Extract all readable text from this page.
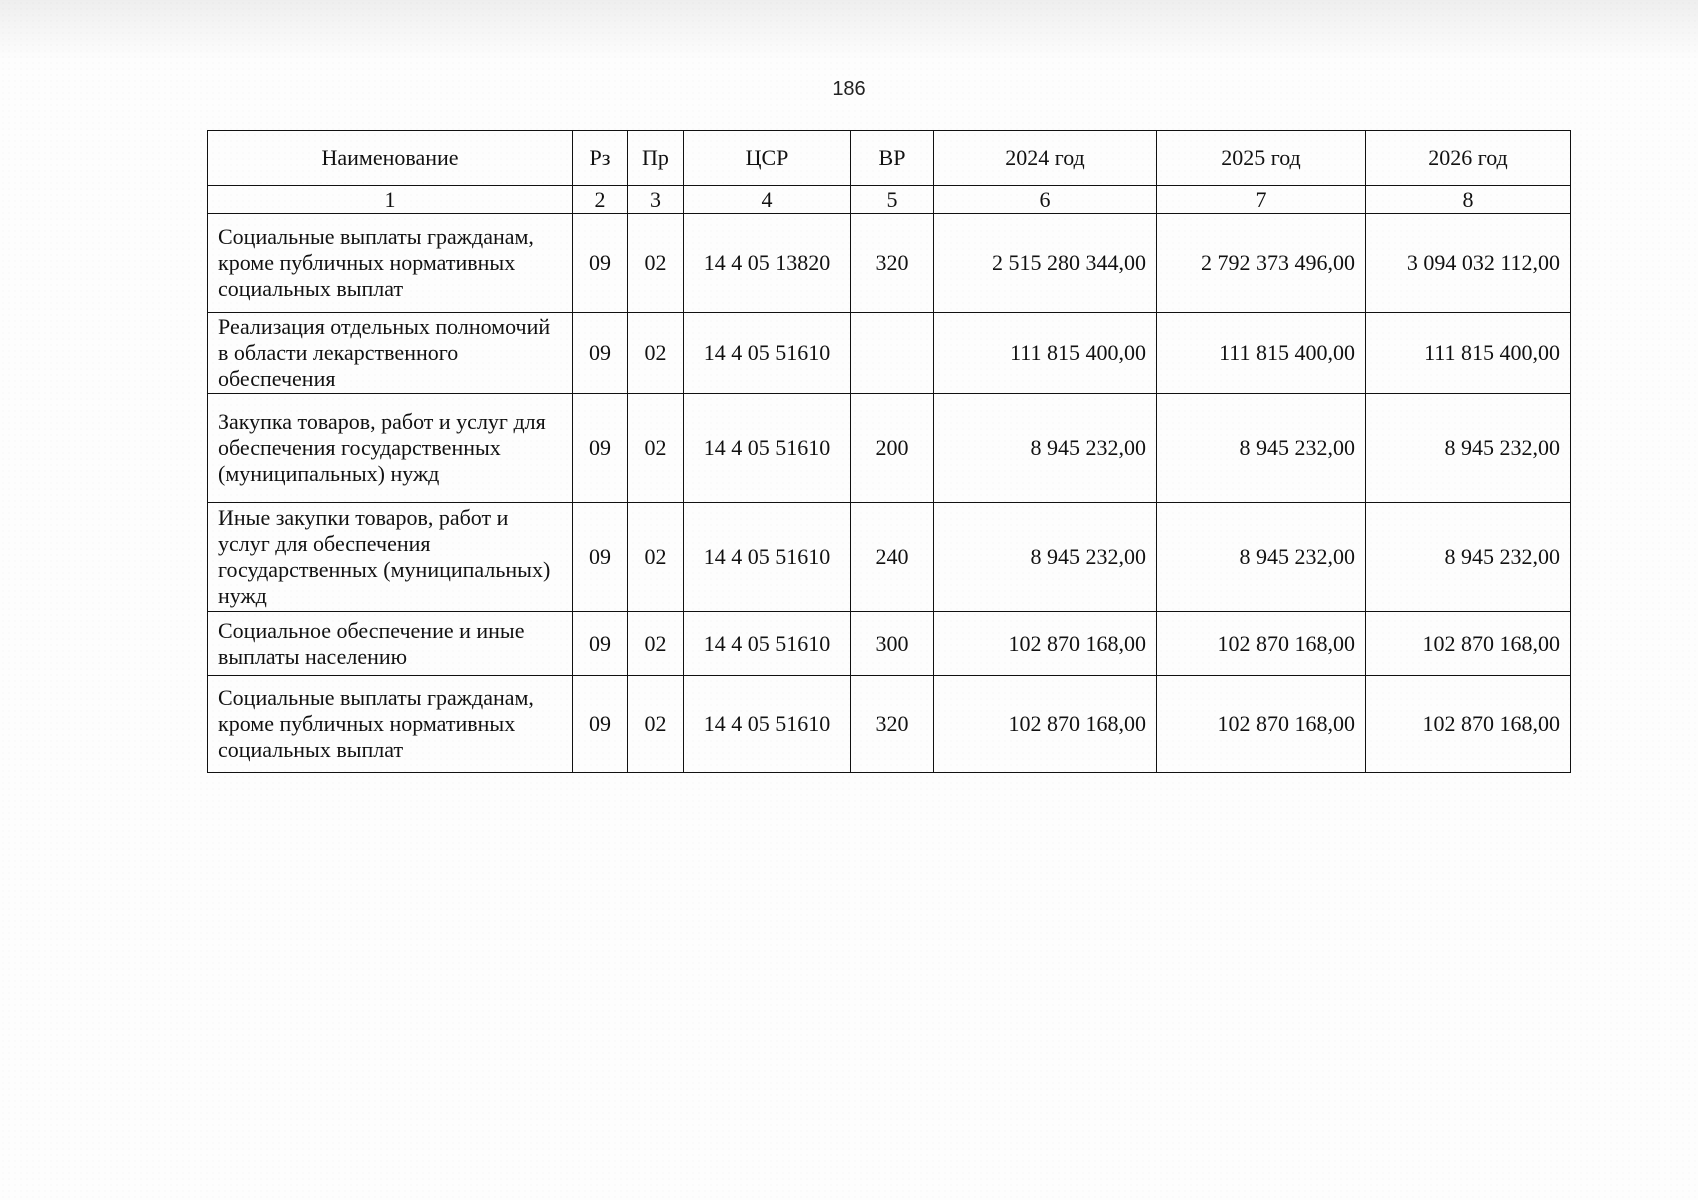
186
Наименование	Рз	Пр	ЦСР	ВР	2024 год	2025 год	2026 год
1	2	3	4	5	6	7	8
Социальные выплаты гражданам, кроме публичных нормативных социальных выплат	09	02	14 4 05 13820	320	2 515 280 344,00	2 792 373 496,00	3 094 032 112,00
Реализация отдельных полномочий в области лекарственного обеспечения	09	02	14 4 05 51610		111 815 400,00	111 815 400,00	111 815 400,00
Закупка товаров, работ и услуг для обеспечения государственных (муниципальных) нужд	09	02	14 4 05 51610	200	8 945 232,00	8 945 232,00	8 945 232,00
Иные закупки товаров, работ и услуг для обеспечения государственных (муниципальных) нужд	09	02	14 4 05 51610	240	8 945 232,00	8 945 232,00	8 945 232,00
Социальное обеспечение и иные выплаты населению	09	02	14 4 05 51610	300	102 870 168,00	102 870 168,00	102 870 168,00
Социальные выплаты гражданам, кроме публичных нормативных социальных выплат	09	02	14 4 05 51610	320	102 870 168,00	102 870 168,00	102 870 168,00
